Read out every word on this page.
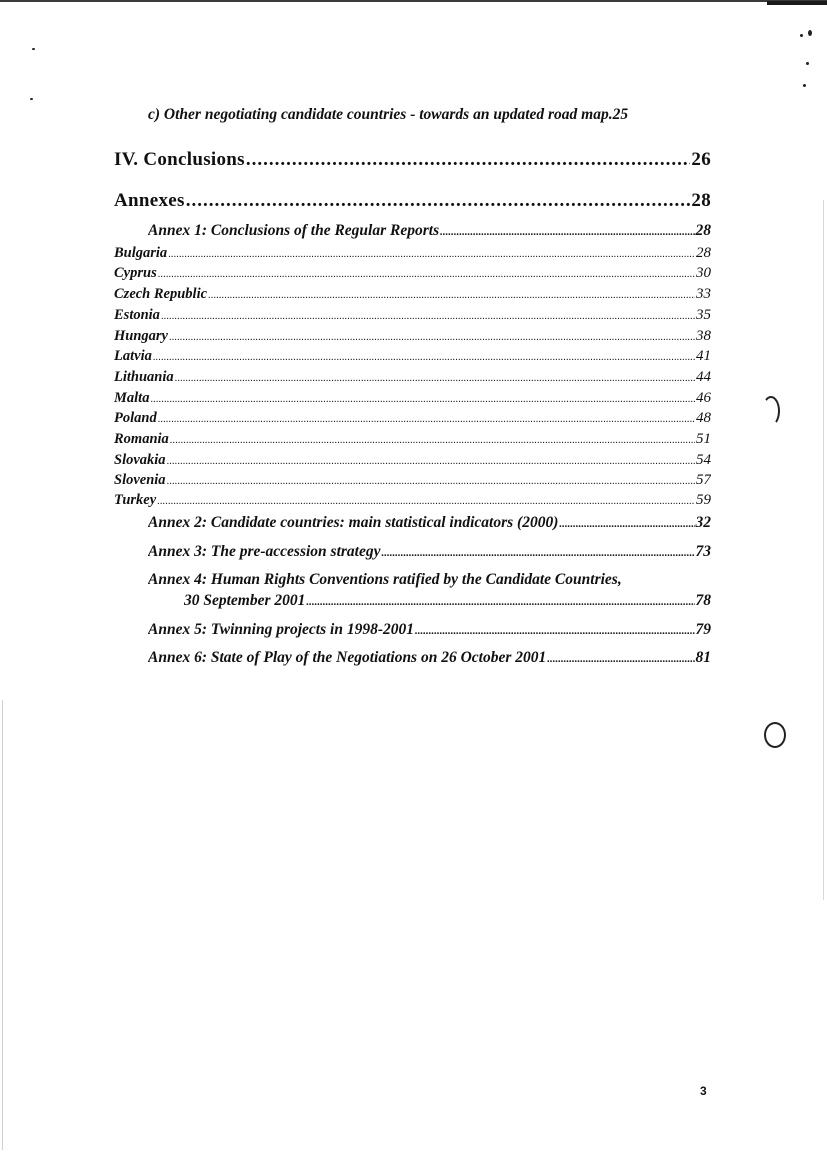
c) Other negotiating candidate countries - towards an updated road map .25
IV. Conclusions .....	26
Annexes .....	28
Annex 1: Conclusions of the Regular Reports .....	28
Bulgaria .....	28
Cyprus .....	30
Czech Republic .....	33
Estonia .....	35
Hungary .....	38
Latvia .....	41
Lithuania .....	44
Malta .....	46
Poland .....	48
Romania .....	51
Slovakia .....	54
Slovenia .....	57
Turkey .....	59
Annex 2: Candidate countries: main statistical indicators (2000) .....	32
Annex 3: The pre-accession strategy .....	73
Annex 4: Human Rights Conventions ratified by the Candidate Countries,
30 September 2001 .....	78
Annex 5: Twinning projects in 1998-2001 .....	79
Annex 6: State of Play of the Negotiations on 26 October 2001 .....	81
3
